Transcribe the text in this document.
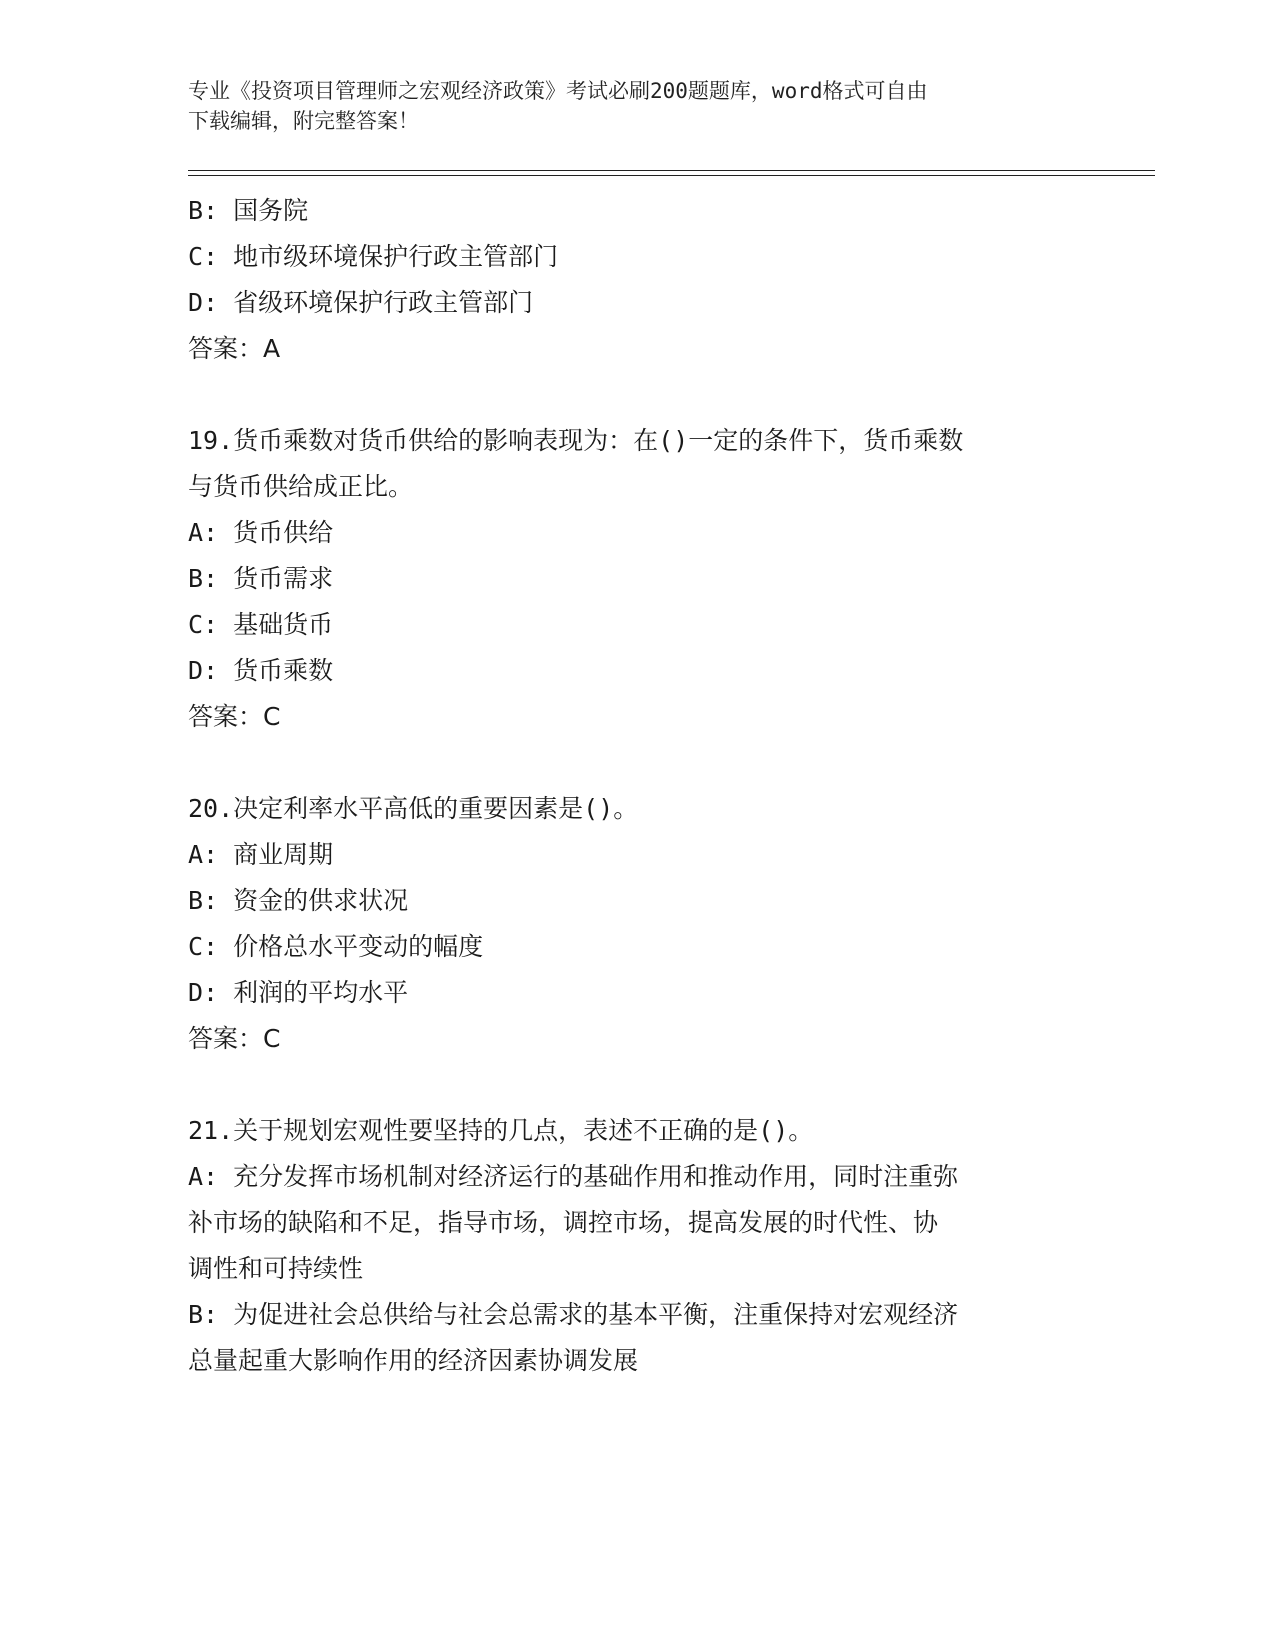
专业《投资项目管理师之宏观经济政策》考试必刷200题题库，word格式可自由
下载编辑，附完整答案！
B: 国务院
C: 地市级环境保护行政主管部门
D: 省级环境保护行政主管部门
答案：A
19.货币乘数对货币供给的影响表现为：在()一定的条件下，货币乘数
与货币供给成正比。
A: 货币供给
B: 货币需求
C: 基础货币
D: 货币乘数
答案：C
20.决定利率水平高低的重要因素是()。
A: 商业周期
B: 资金的供求状况
C: 价格总水平变动的幅度
D: 利润的平均水平
答案：C
21.关于规划宏观性要坚持的几点，表述不正确的是()。
A: 充分发挥市场机制对经济运行的基础作用和推动作用，同时注重弥
补市场的缺陷和不足，指导市场，调控市场，提高发展的时代性、协
调性和可持续性
B: 为促进社会总供给与社会总需求的基本平衡，注重保持对宏观经济
总量起重大影响作用的经济因素协调发展
